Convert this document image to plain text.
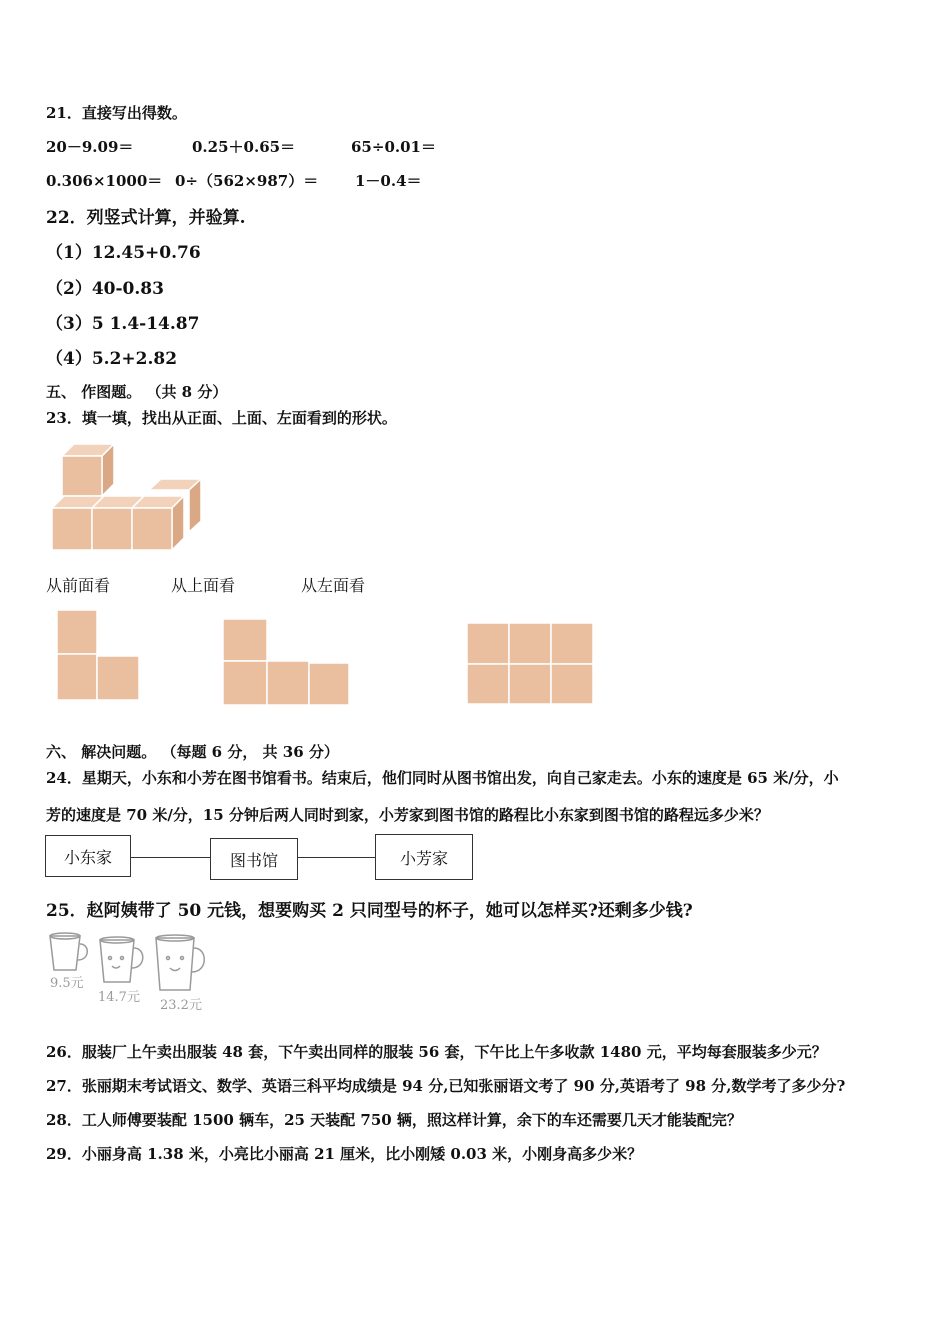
21．直接写出得数。
20－9.09＝	0.25＋0.65＝	65÷0.01＝
0.306×1000＝ 0÷（562×987）＝ 1－0.4＝
22．列竖式计算，并验算.
（1）12.45+0.76
（2）40-0.83
（3）5 1.4-14.87
（4）5.2+2.82
五、 作图题。 （共 8 分）
23．填一填，找出从正面、上面、左面看到的形状。
从前面看	从上面看	从左面看
六、 解决问题。 （每题 6 分， 共 36 分）
24．星期天，小东和小芳在图书馆看书。结束后，他们同时从图书馆出发，向自己家走去。小东的速度是 65 米/分，小
芳的速度是 70 米/分，15 分钟后两人同时到家，小芳家到图书馆的路程比小东家到图书馆的路程远多少米？
小东家	图书馆	小芳家
25．赵阿姨带了 50 元钱，想要购买 2 只同型号的杯子，她可以怎样买?还剩多少钱?
9.5元
14.7元
23.2元
26．服装厂上午卖出服装 48 套，下午卖出同样的服装 56 套，下午比上午多收款 1480 元，平均每套服装多少元？
27．张丽期末考试语文、数学、英语三科平均成绩是 94 分,已知张丽语文考了 90 分,英语考了 98 分,数学考了多少分?
28．工人师傅要装配 1500 辆车，25 天装配 750 辆，照这样计算，余下的车还需要几天才能装配完？
29．小丽身高 1.38 米，小亮比小丽高 21 厘米，比小刚矮 0.03 米，小刚身高多少米？
